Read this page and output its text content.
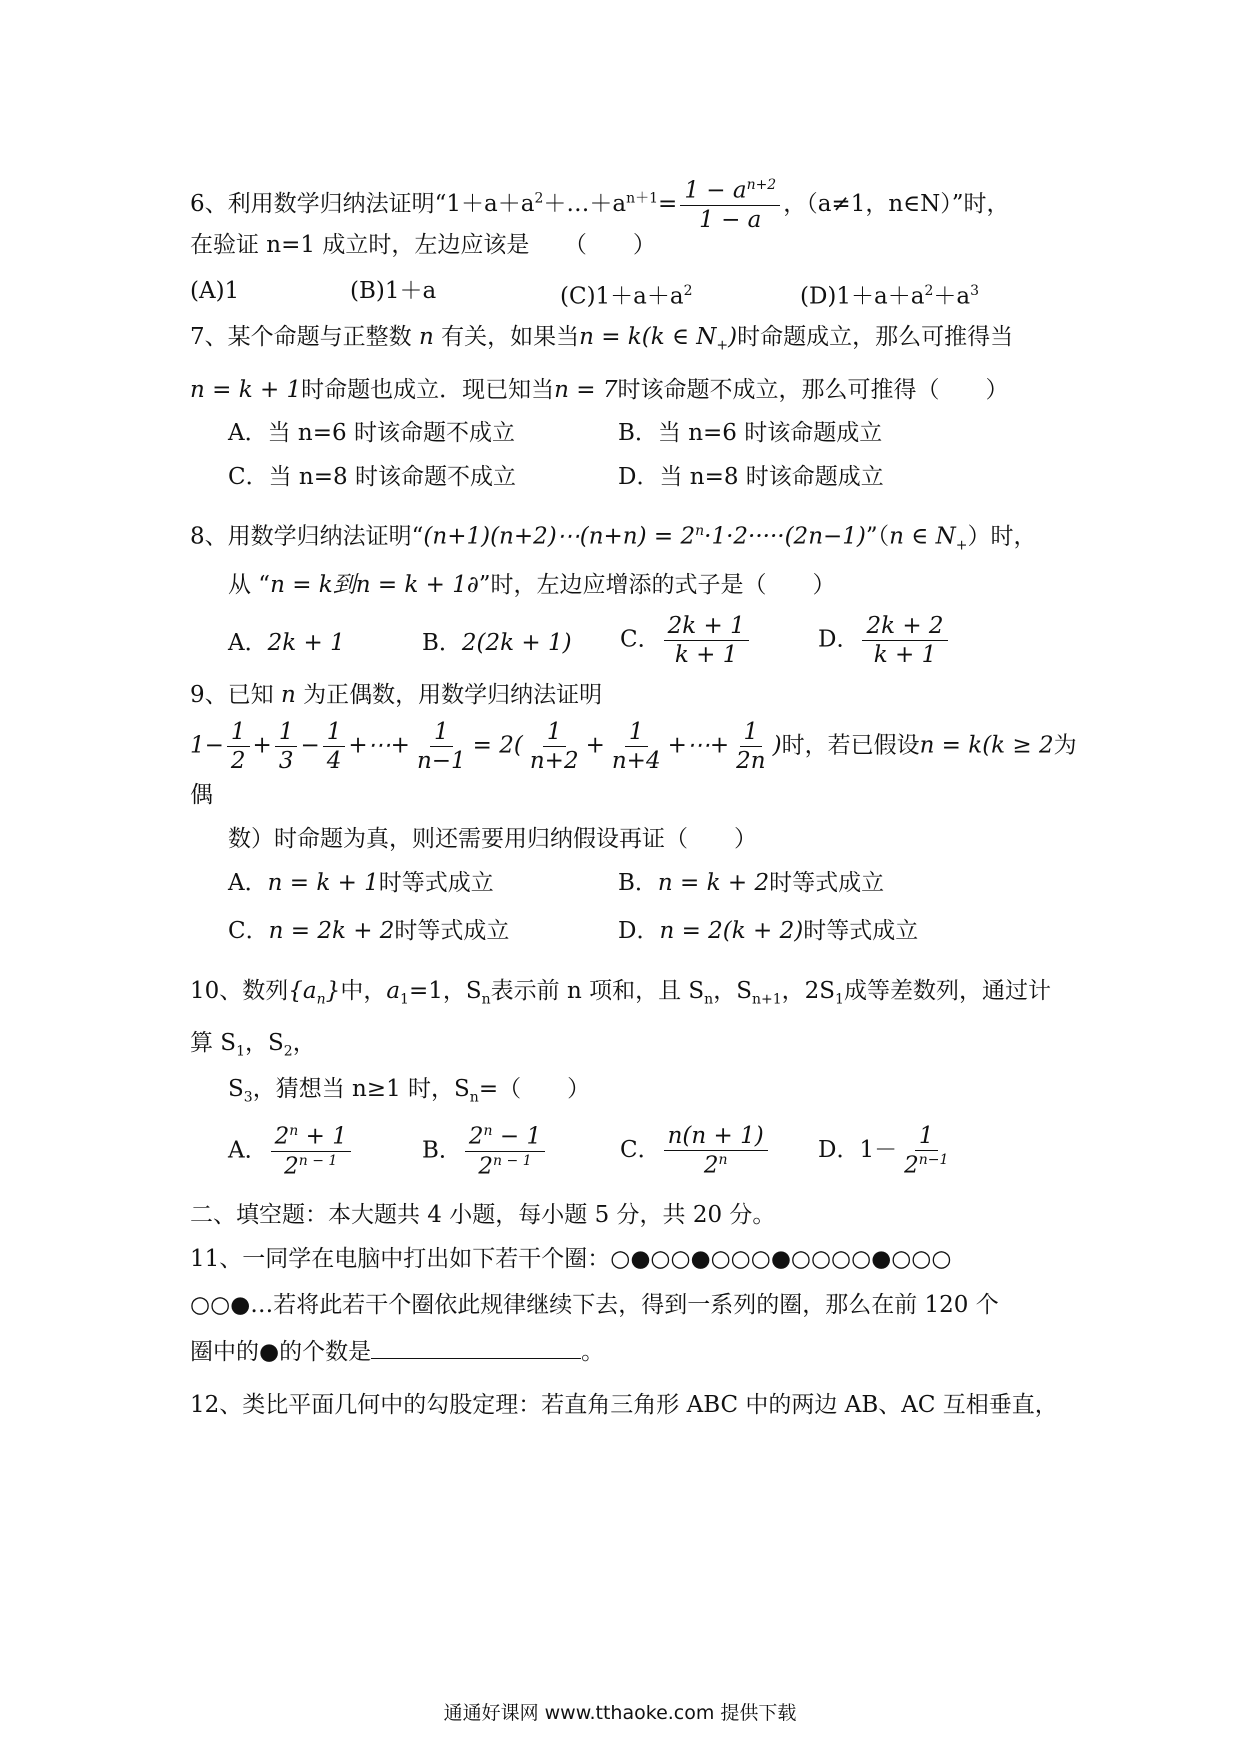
6、利用数学归纳法证明“$1+a+a^2+\dots+a^{n+1}= \frac{1 - a^{n+2}}{1 - a}$ ，（a≠1，n∈N）”时，
在验证 n=1 成立时，左边应该是　　（　　）
(A)1	(B)1＋a	$(C)1+a+a^2$	$(D)1+a+a^2+a^3$
7、某个命题与正整数 n 有关，如果当n = k(k ∈ $N_+$)时命题成立，那么可推得当
n = k + 1时命题也成立．现已知当n = 7时该命题不成立，那么可推得（　　）
A．当 n=6 时该命题不成立	B．当 n=6 时该命题成立
C．当 n=8 时该命题不成立	D．当 n=8 时该命题成立
8、用数学归纳法证明“(n+1)(n+2)⋯(n+n) = $2^n\cdot 1\cdot 2\cdot\cdot\cdot\cdot\cdot(2n-1)”(n$ ∈ $N_+$）时，
从 “n = k到n = k + 1∂”时，左边应增添的式子是（　　）
A．2k + 1	B．2(2k + 1) C． $\frac{2k + 1}{k + 1}$	D． $\frac{2k + 2}{k + 1}$
9、已知 n 为正偶数，用数学归纳法证明
$1- \frac{1}{2} + \frac{1}{3} - \frac{1}{4}$ +⋯+ $\frac{1}{n-1} = 2( \frac{1}{n+2} + \frac{1}{n+4}$ +⋯+ $\frac{1}{2n}$ )时，若已假设n = k(k ≥ 2为
偶
数）时命题为真，则还需要用归纳假设再证（　　）
A．n = k + 1时等式成立	B．n = k + 2时等式成立
C．n = 2k + 2时等式成立	D．n = 2(k + 2)时等式成立
10、数列$\{a_n\}$中，$a_1=1$，$S_n$表示前 n 项和，且 $S_n$，$S_{n+1}$，$2S_1$成等差数列，通过计
算 $S_1$，$S_2$，
$S_3$，猜想当 n≥1 时，$S_n=$（　　）
A． $\frac{2^n + 1}{2^{n - 1}}$	B． $\frac{2^n - 1}{2^{n - 1}}$	C． $\frac{n(n + 1)}{2^n}$ D．$1- \frac{1}{2^{n-1}}$
二、填空题：本大题共 4 小题，每小题 5 分，共 20 分。
11、一同学在电脑中打出如下若干个圈：○●○○●○○○●○○○○●○○○
○○●…若将此若干个圈依此规律继续下去，得到一系列的圈，那么在前 120 个
圈中的●的个数是	。
12、类比平面几何中的勾股定理：若直角三角形 ABC 中的两边 AB、AC 互相垂直，
通通好课网 www.tthaoke.com 提供下载
